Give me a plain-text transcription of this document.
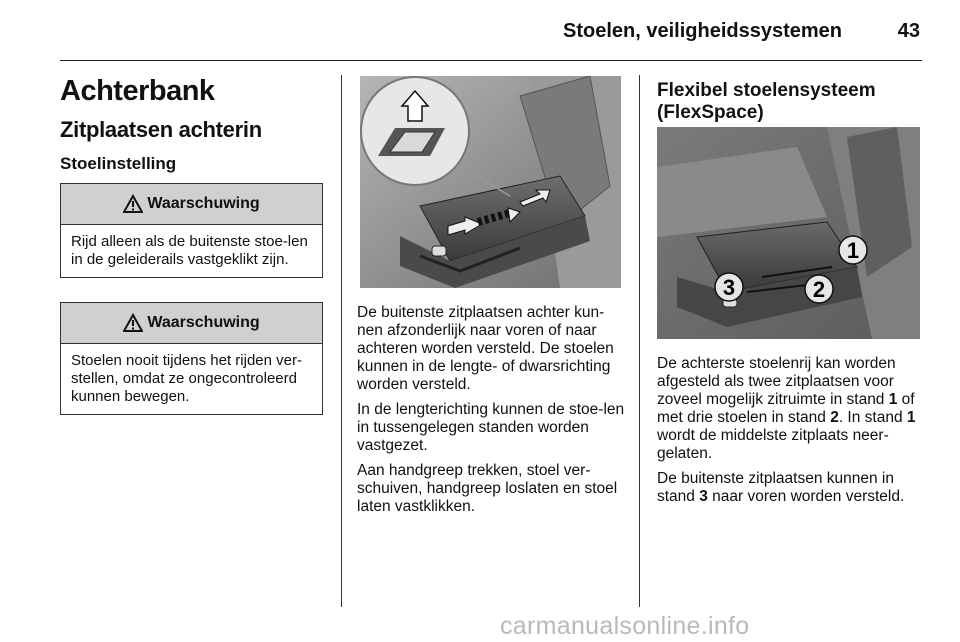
Stoelen, veiligheidssystemen	43
Achterbank
Zitplaatsen achterin
Stoelinstelling
Waarschuwing
Rijd alleen als de buitenste stoe-len in de geleiderails vastgeklikt zijn.
Waarschuwing
Stoelen nooit tijdens het rijden ver-stellen, omdat ze ongecontroleerd kunnen bewegen.

De buitenste zitplaatsen achter kun-nen afzonderlijk naar voren of naar achteren worden versteld. De stoelen kunnen in de lengte- of dwarsrichting worden versteld.

In de lengterichting kunnen de stoe-len in tussengelegen standen worden vastgezet.

Aan handgreep trekken, stoel ver-schuiven, handgreep loslaten en stoel laten vastklikken.

Flexibel stoelensysteem
(FlexSpace)
1
2
3

De achterste stoelenrij kan worden afgesteld als twee zitplaatsen voor zoveel mogelijk zitruimte in stand 1 of met drie stoelen in stand 2. In stand 1 wordt de middelste zitplaats neer-gelaten.

De buitenste zitplaatsen kunnen in stand 3 naar voren worden versteld.

carmanualsonline.info
